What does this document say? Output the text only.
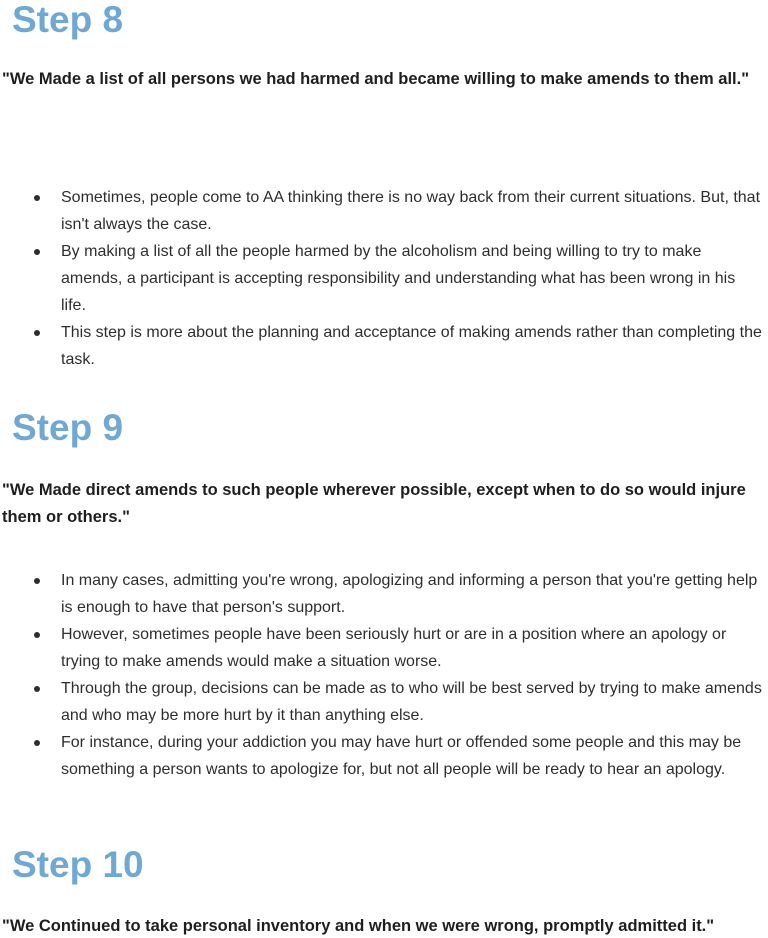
Step 8

"We Made a list of all persons we had harmed and became willing to make amends to them all."

Sometimes, people come to AA thinking there is no way back from their current situations. But, that isn't always the case.
By making a list of all the people harmed by the alcoholism and being willing to try to make amends, a participant is accepting responsibility and understanding what has been wrong in his life.
This step is more about the planning and acceptance of making amends rather than completing the task.
Step 9

"We Made direct amends to such people wherever possible, except when to do so would injure them or others."

In many cases, admitting you're wrong, apologizing and informing a person that you're getting help is enough to have that person's support.
However, sometimes people have been seriously hurt or are in a position where an apology or trying to make amends would make a situation worse.
Through the group, decisions can be made as to who will be best served by trying to make amends and who may be more hurt by it than anything else.
For instance, during your addiction you may have hurt or offended some people and this may be something a person wants to apologize for, but not all people will be ready to hear an apology.
Step 10

"We Continued to take personal inventory and when we were wrong, promptly admitted it."
